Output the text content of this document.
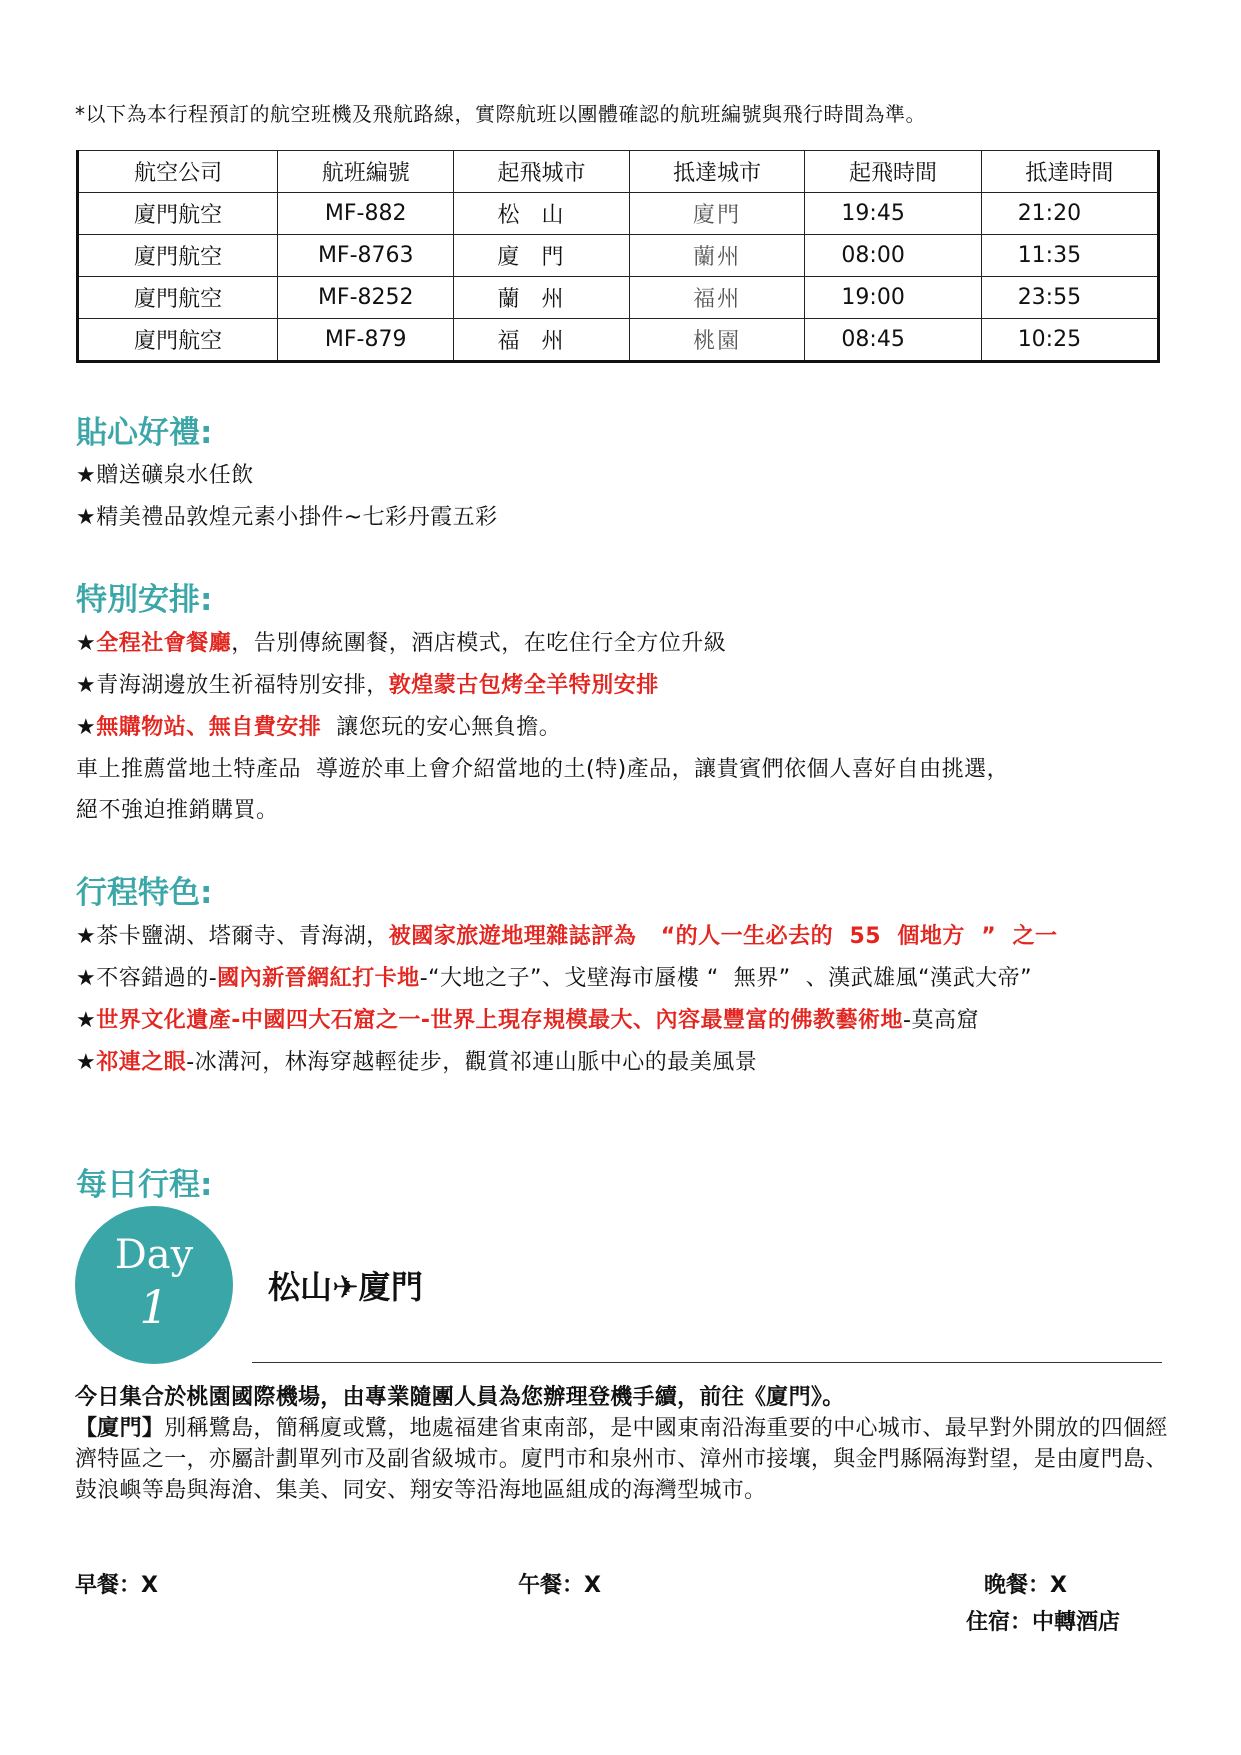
*以下為本行程預訂的航空班機及飛航路線，實際航班以團體確認的航班編號與飛行時間為準。
航空公司	航班編號	起飛城市	抵達城市	起飛時間	抵達時間
廈門航空	MF-882	松山	廈門	19:45	21:20
廈門航空	MF-8763	廈門	蘭州	08:00	11:35
廈門航空	MF-8252	蘭州	福州	19:00	23:55
廈門航空	MF-879	福州	桃園	08:45	10:25
貼心好禮:
★贈送礦泉水任飲
★精美禮品敦煌元素小掛件~七彩丹霞五彩
特別安排:
★全程社會餐廳，告別傳統團餐，酒店模式，在吃住行全方位升級
★青海湖邊放生祈福特別安排，敦煌蒙古包烤全羊特別安排
★無購物站、無自費安排  讓您玩的安心無負擔。
車上推薦當地土特產品  導遊於車上會介紹當地的土(特)產品，讓貴賓們依個人喜好自由挑選，
絕不強迫推銷購買。
行程特色:
★茶卡鹽湖、塔爾寺、青海湖，被國家旅遊地理雜誌評為   “的人一生必去的  55  個地方  ”  之一
★不容錯過的-國內新晉網紅打卡地-“大地之子”、戈壁海市蜃樓 “  無界”  、漢武雄風“漢武大帝”
★世界文化遺產-中國四大石窟之一-世界上現存規模最大、內容最豐富的佛教藝術地-莫高窟
★祁連之眼-冰溝河，林海穿越輕徒步，觀賞祁連山脈中心的最美風景
每日行程:
Day
1	松山✈廈門
今日集合於桃園國際機場，由專業隨團人員為您辦理登機手續，前往《廈門》。
【廈門】別稱鷺島，簡稱廈或鷺，地處福建省東南部，是中國東南沿海重要的中心城市、最早對外開放的四個經濟特區之一，亦屬計劃單列市及副省級城市。廈門市和泉州市、漳州市接壤，與金門縣隔海對望，是由廈門島、鼓浪嶼等島與海滄、集美、同安、翔安等沿海地區組成的海灣型城市。
早餐：X	午餐：X	晚餐：X
住宿：中轉酒店
